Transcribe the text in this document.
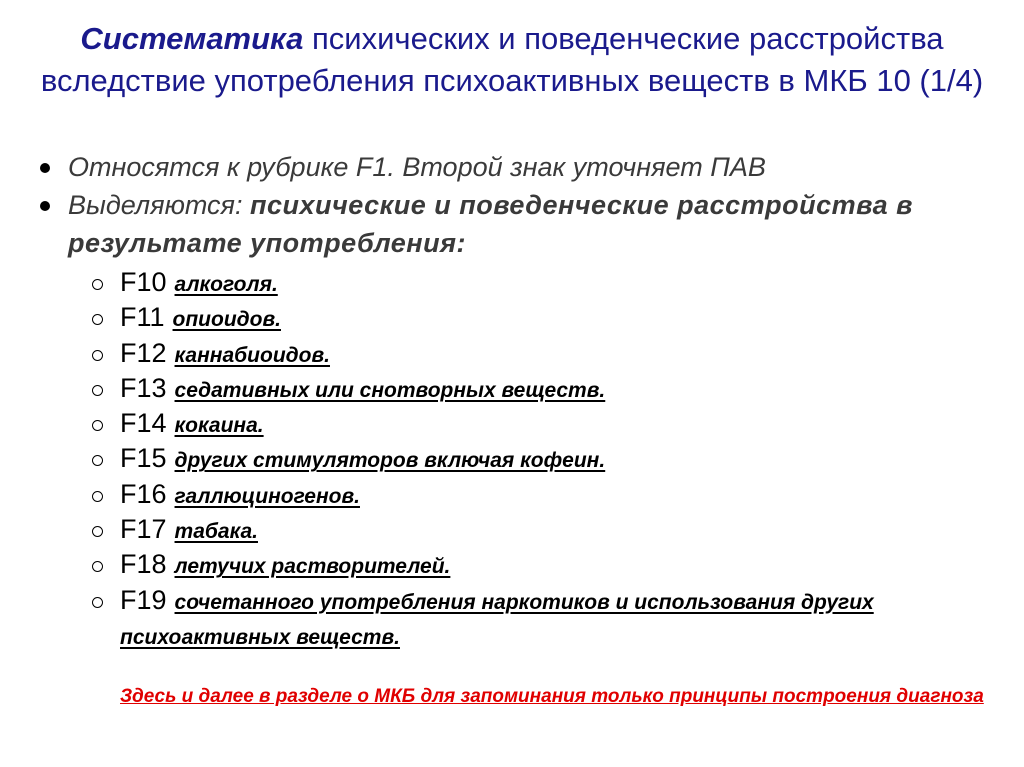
Систематика психических и поведенческие расстройства вследствие употребления психоактивных веществ в МКБ 10 (1/4)
Относятся к рубрике F1. Второй знак уточняет ПАВ
Выделяются: психические и поведенческие расстройства в результате употребления:
F10 алкоголя.
F11 опиоидов.
F12 каннабиоидов.
F13 седативных или снотворных веществ.
F14 кокаина.
F15 других стимуляторов включая кофеин.
F16 галлюциногенов.
F17 табака.
F18 летучих растворителей.
F19 сочетанного употребления наркотиков и использования других психоактивных веществ.
Здесь и далее в разделе о МКБ для запоминания только принципы построения диагноза
